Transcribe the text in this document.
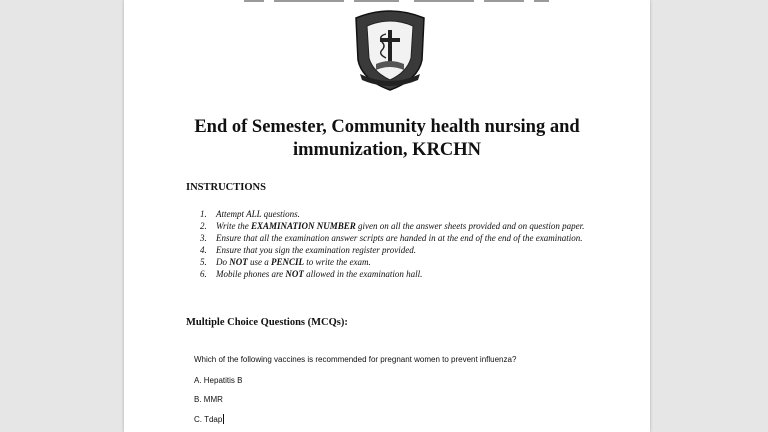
End of Semester, Community health nursing and
immunization, KRCHN
INSTRUCTIONS
1. Attempt ALL questions.
2. Write the EXAMINATION NUMBER given on all the answer sheets provided and on question paper.
3. Ensure that all the examination answer scripts are handed in at the end of the end of the examination.
4. Ensure that you sign the examination register provided.
5. Do NOT use a PENCIL to write the exam.
6. Mobile phones are NOT allowed in the examination hall.
Multiple Choice Questions (MCQs):
Which of the following vaccines is recommended for pregnant women to prevent influenza?
A. Hepatitis B
B. MMR
C. Tdap
